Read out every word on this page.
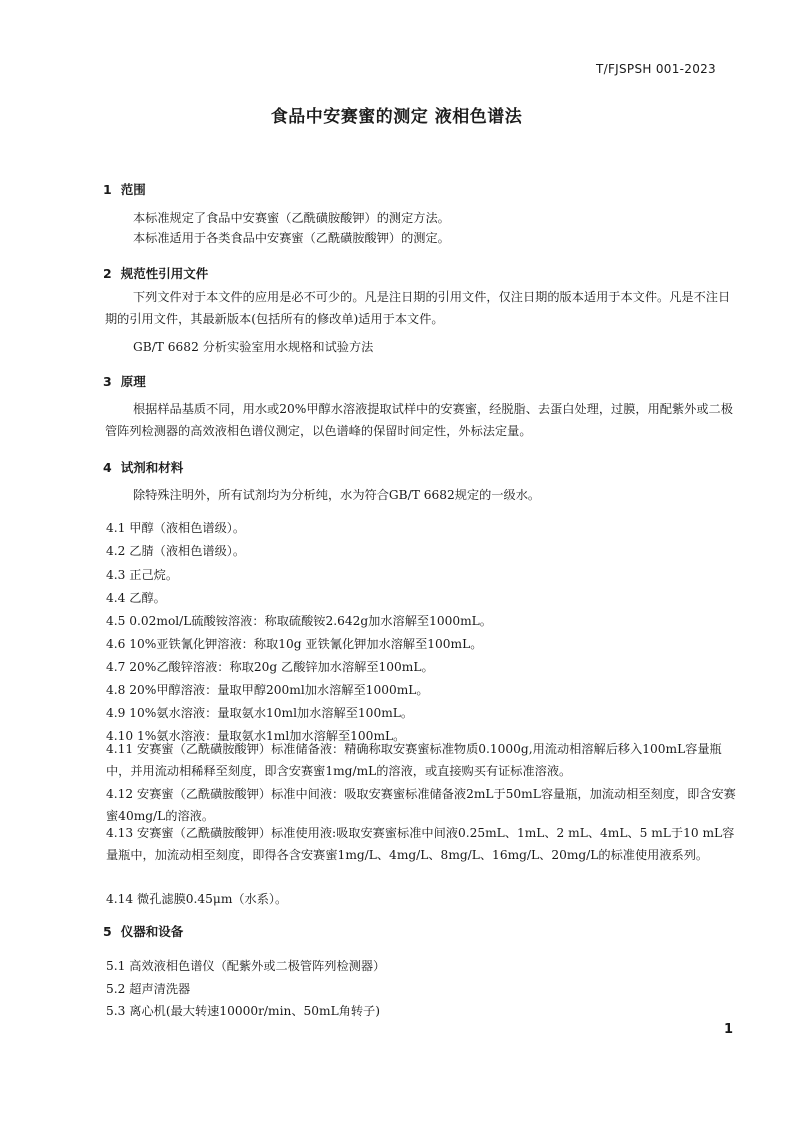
T/FJSPSH 001-2023
食品中安赛蜜的测定 液相色谱法
1 范围
本标准规定了食品中安赛蜜（乙酰磺胺酸钾）的测定方法。
本标准适用于各类食品中安赛蜜（乙酰磺胺酸钾）的测定。
2 规范性引用文件
下列文件对于本文件的应用是必不可少的。凡是注日期的引用文件，仅注日期的版本适用于本文件。凡是不注日期的引用文件，其最新版本(包括所有的修改单)适用于本文件。
GB/T 6682 分析实验室用水规格和试验方法
3 原理
根据样品基质不同，用水或20%甲醇水溶液提取试样中的安赛蜜，经脱脂、去蛋白处理，过膜，用配紫外或二极管阵列检测器的高效液相色谱仪测定，以色谱峰的保留时间定性，外标法定量。
4 试剂和材料
除特殊注明外，所有试剂均为分析纯，水为符合GB/T 6682规定的一级水。
4.1 甲醇（液相色谱级）。
4.2 乙腈（液相色谱级）。
4.3 正己烷。
4.4 乙醇。
4.5 0.02mol/L硫酸铵溶液：称取硫酸铵2.642g加水溶解至1000mL。
4.6 10%亚铁氰化钾溶液：称取10g 亚铁氰化钾加水溶解至100mL。
4.7 20%乙酸锌溶液：称取20g 乙酸锌加水溶解至100mL。
4.8 20%甲醇溶液：量取甲醇200ml加水溶解至1000mL。
4.9 10%氨水溶液：量取氨水10ml加水溶解至100mL。
4.10 1%氨水溶液：量取氨水1ml加水溶解至100mL。
4.11 安赛蜜（乙酰磺胺酸钾）标准储备液：精确称取安赛蜜标准物质0.1000g,用流动相溶解后移入100mL容量瓶中，并用流动相稀释至刻度，即含安赛蜜1mg/mL的溶液，或直接购买有证标准溶液。
4.12 安赛蜜（乙酰磺胺酸钾）标准中间液：吸取安赛蜜标准储备液2mL于50mL容量瓶，加流动相至刻度，即含安赛蜜40mg/L的溶液。
4.13 安赛蜜（乙酰磺胺酸钾）标准使用液:吸取安赛蜜标准中间液0.25mL、1mL、2 mL、4mL、5 mL于10 mL容量瓶中，加流动相至刻度，即得各含安赛蜜1mg/L、4mg/L、8mg/L、16mg/L、20mg/L的标准使用液系列。
4.14 微孔滤膜0.45μm（水系）。
5 仪器和设备
5.1 高效液相色谱仪（配紫外或二极管阵列检测器）
5.2 超声清洗器
5.3 离心机(最大转速10000r/min、50mL角转子)
1
